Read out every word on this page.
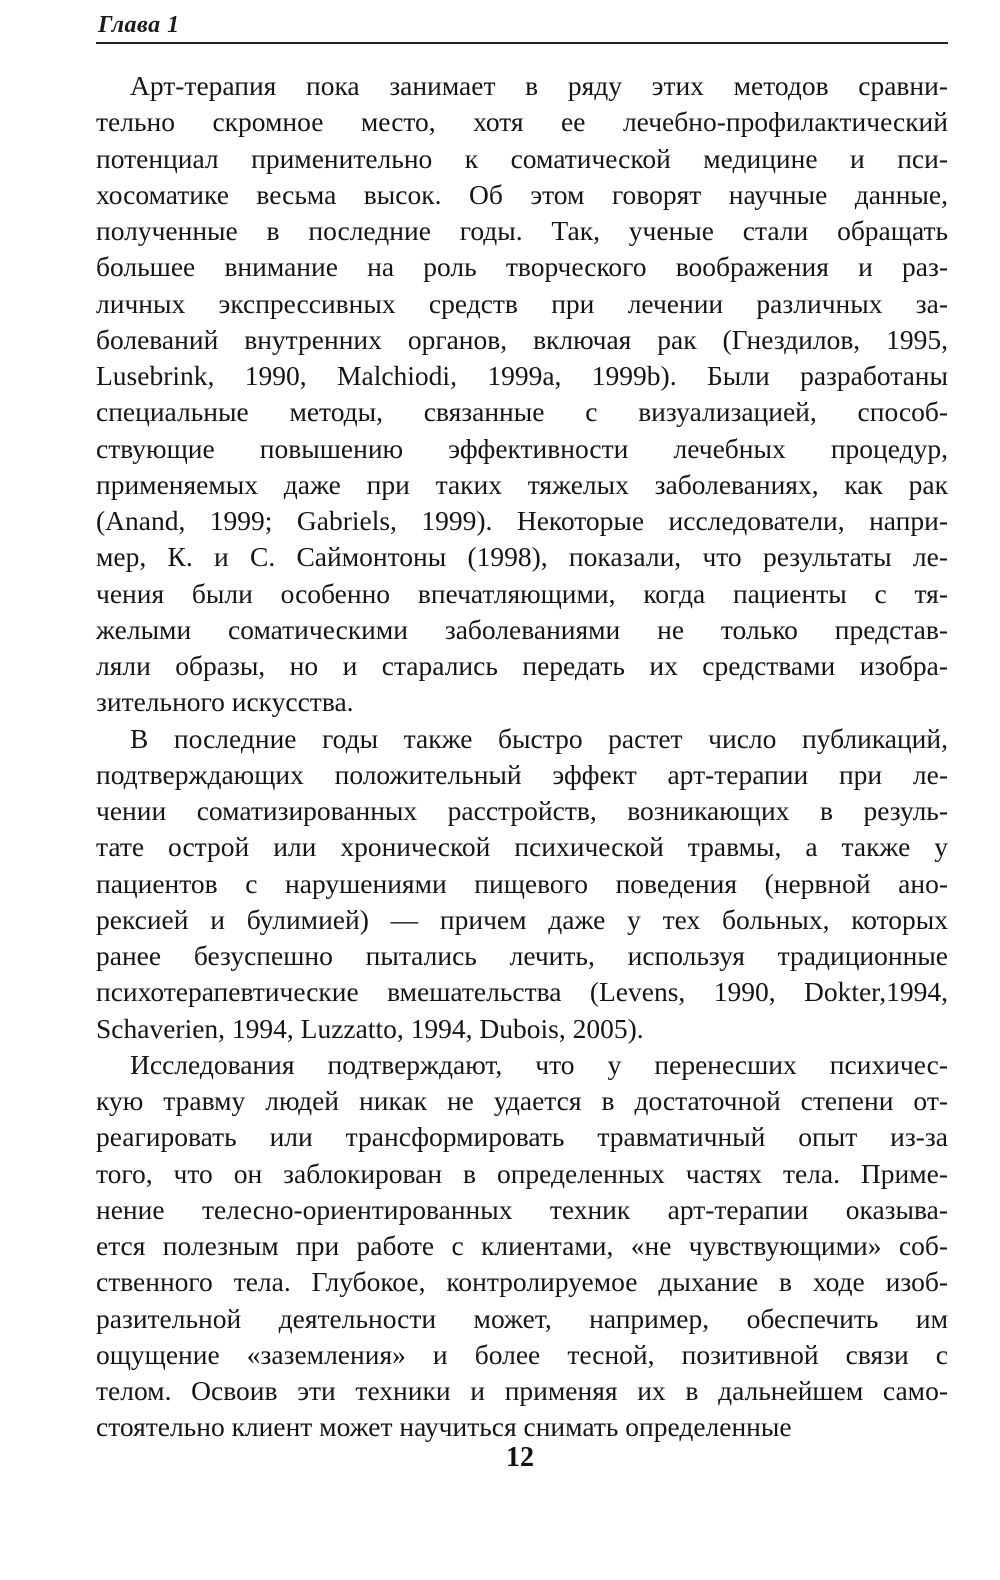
Глава 1
Арт-терапия пока занимает в ряду этих методов сравни-
тельно скромное место, хотя ее лечебно-профилактический
потенциал применительно к соматической медицине и пси-
хосоматике весьма высок. Об этом говорят научные данные,
полученные в последние годы. Так, ученые стали обращать
большее внимание на роль творческого воображения и раз-
личных экспрессивных средств при лечении различных за-
болеваний внутренних органов, включая рак (Гнездилов, 1995,
Lusebrink, 1990, Malchiodi, 1999a, 1999b). Были разработаны
специальные методы, связанные с визуализацией, способ-
ствующие повышению эффективности лечебных процедур,
применяемых даже при таких тяжелых заболеваниях, как рак
(Anand, 1999; Gabriels, 1999). Некоторые исследователи, напри-
мер, К. и С. Саймонтоны (1998), показали, что результаты ле-
чения были особенно впечатляющими, когда пациенты с тя-
желыми соматическими заболеваниями не только представ-
ляли образы, но и старались передать их средствами изобра-
зительного искусства.
В последние годы также быстро растет число публикаций,
подтверждающих положительный эффект арт-терапии при ле-
чении соматизированных расстройств, возникающих в резуль-
тате острой или хронической психической травмы, а также у
пациентов с нарушениями пищевого поведения (нервной ано-
рексией и булимией) — причем даже у тех больных, которых
ранее безуспешно пытались лечить, используя традиционные
психотерапевтические вмешательства (Levens, 1990, Dokter,1994,
Schaverien, 1994, Luzzatto, 1994, Dubois, 2005).
Исследования подтверждают, что у перенесших психичес-
кую травму людей никак не удается в достаточной степени от-
реагировать или трансформировать травматичный опыт из-за
того, что он заблокирован в определенных частях тела. Приме-
нение телесно-ориентированных техник арт-терапии оказыва-
ется полезным при работе с клиентами, «не чувствующими» соб-
ственного тела. Глубокое, контролируемое дыхание в ходе изоб-
разительной деятельности может, например, обеспечить им
ощущение «заземления» и более тесной, позитивной связи с
телом. Освоив эти техники и применяя их в дальнейшем само-
стоятельно клиент может научиться снимать определенные
12
